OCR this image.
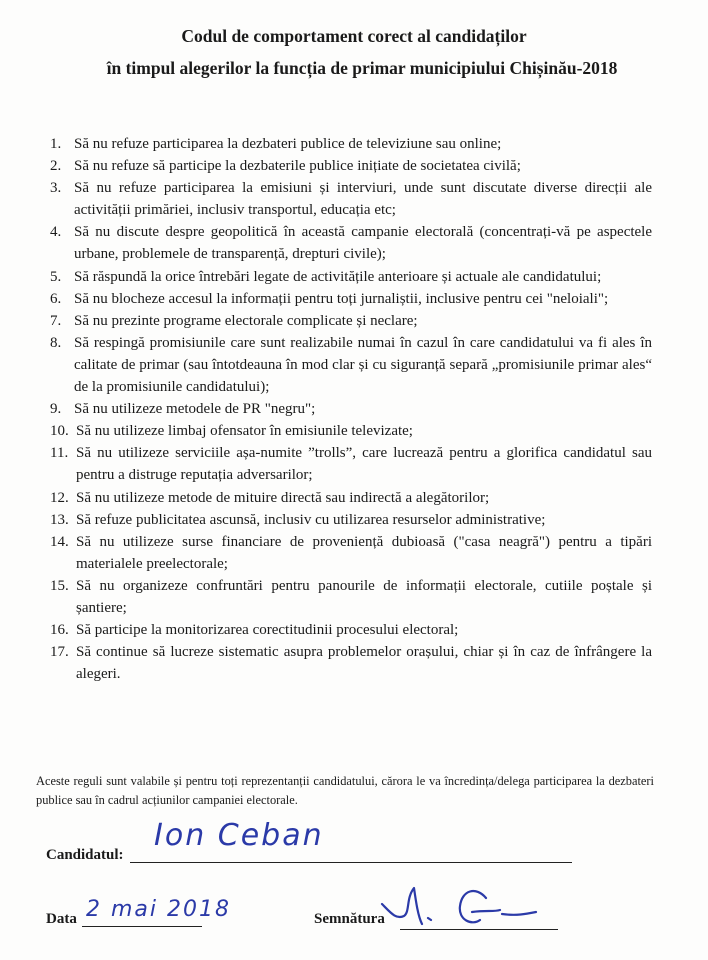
Codul de comportament corect al candidaților
în timpul alegerilor la funcția de primar municipiului Chișinău-2018
1. Să nu refuze participarea la dezbateri publice de televiziune sau online;
2. Să nu refuze să participe la dezbaterile publice inițiate de societatea civilă;
3. Să nu refuze participarea la emisiuni și interviuri, unde sunt discutate diverse direcții ale activității primăriei, inclusiv transportul, educația etc;
4. Să nu discute despre geopolitică în această campanie electorală (concentrați-vă pe aspectele urbane, problemele de transparență, drepturi civile);
5. Să răspundă la orice întrebări legate de activitățile anterioare și actuale ale candidatului;
6. Să nu blocheze accesul la informații pentru toți jurnaliștii, inclusive pentru cei "neloiali";
7. Să nu prezinte programe electorale complicate și neclare;
8. Să respingă promisiunile care sunt realizabile numai în cazul în care candidatului va fi ales în calitate de primar (sau întotdeauna în mod clar și cu siguranță separă „promisiunile primar ales“ de la promisiunile candidatului);
9. Să nu utilizeze metodele de PR "negru";
10. Să nu utilizeze limbaj ofensator în emisiunile televizate;
11. Să nu utilizeze serviciile așa-numite ”trolls”, care lucrează pentru a glorifica candidatul sau pentru a distruge reputația adversarilor;
12. Să nu utilizeze metode de mituire directă sau indirectă a alegătorilor;
13. Să refuze publicitatea ascunsă, inclusiv cu utilizarea resurselor administrative;
14. Să nu utilizeze surse financiare de proveniență dubioasă ("casa neagră") pentru a tipări materialele preelectorale;
15. Să nu organizeze confruntări pentru panourile de informații electorale, cutiile poștale și șantiere;
16. Să participe la monitorizarea corectitudinii procesului electoral;
17. Să continue să lucreze sistematic asupra problemelor orașului, chiar și în caz de înfrângere la alegeri.

Aceste reguli sunt valabile și pentru toți reprezentanții candidatului, cărora le va încredința/delega participarea la dezbateri publice sau în cadrul acțiunilor campaniei electorale.

Candidatul:
Ion Ceban
Data 2 mai 2018	Semnătura
